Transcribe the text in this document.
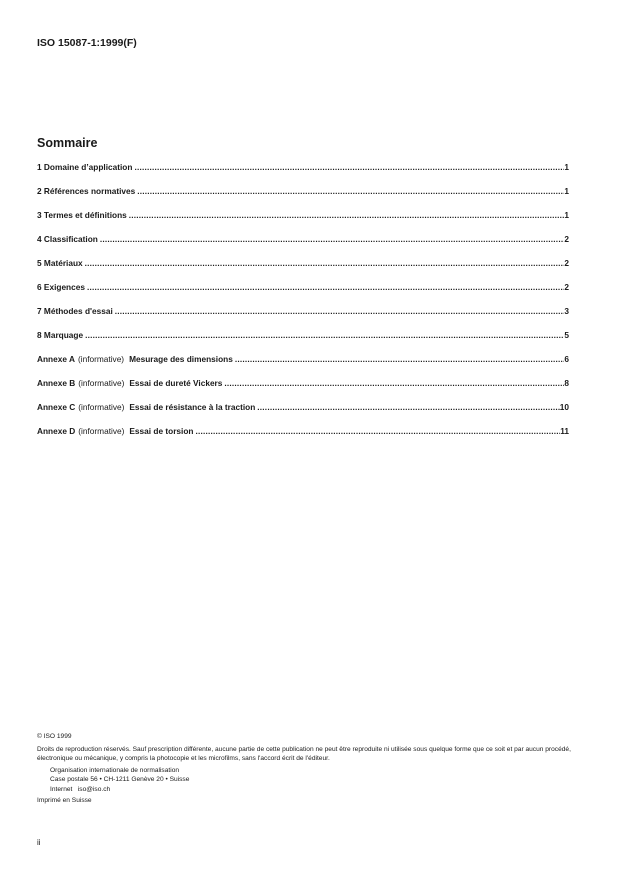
ISO 15087-1:1999(F)
Sommaire
1 Domaine d’application .....	1
2 Références normatives .....	1
3 Termes et définitions .....	1
4 Classification .....	2
5 Matériaux .....	2
6 Exigences .....	2
7 Méthodes d'essai .....	3
8 Marquage .....	5
Annexe A (informative) Mesurage des dimensions .....	6
Annexe B (informative) Essai de dureté Vickers .....	8
Annexe C (informative) Essai de résistance à la traction .....	10
Annexe D (informative) Essai de torsion .....	11
© ISO 1999
Droits de reproduction réservés. Sauf prescription différente, aucune partie de cette publication ne peut être reproduite ni utilisée sous quelque forme que ce soit et par aucun procédé, électronique ou mécanique, y compris la photocopie et les microfilms, sans l'accord écrit de l'éditeur.
Organisation internationale de normalisation
Case postale 56 • CH-1211 Genève 20 • Suisse
Internet iso@iso.ch
Imprimé en Suisse
ii
